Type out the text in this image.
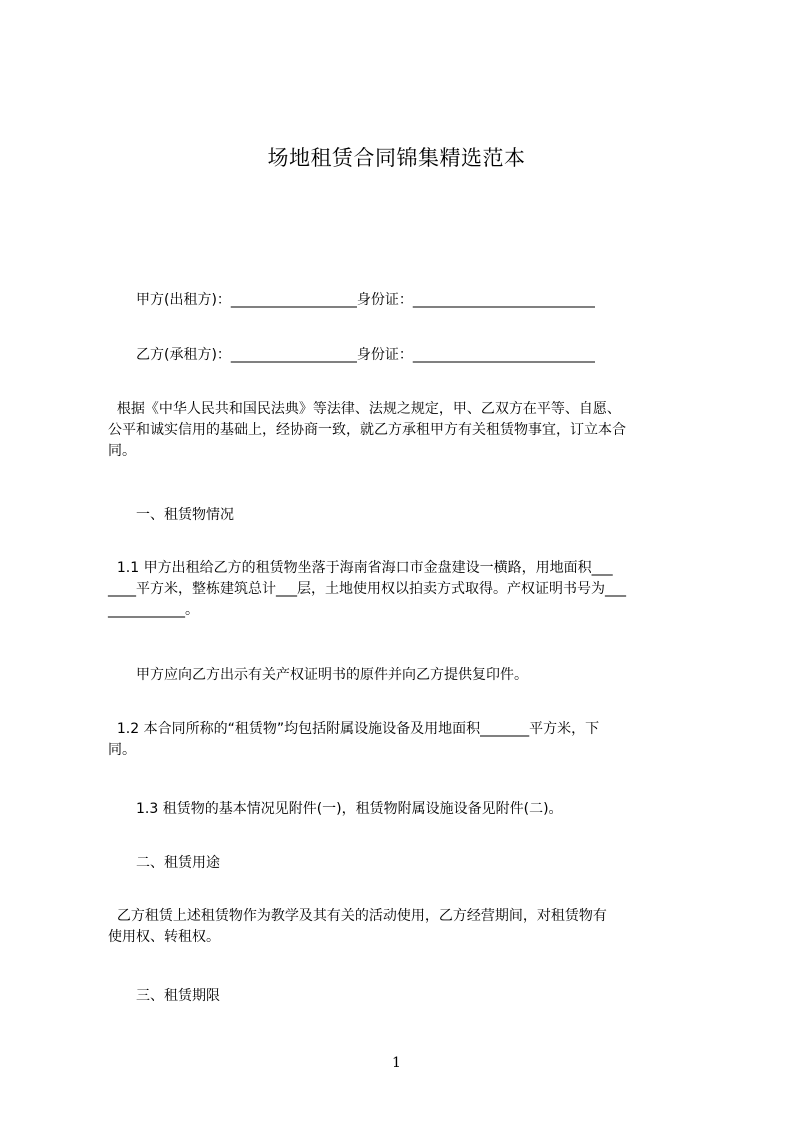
场地租赁合同锦集精选范本
甲方(出租方)：__________________身份证：__________________________
乙方(承租方)：__________________身份证：__________________________
根据《中华人民共和国民法典》等法律、法规之规定，甲、乙双方在平等、自愿、
公平和诚实信用的基础上，经协商一致，就乙方承租甲方有关租赁物事宜，订立本合
同。
一、租赁物情况
1.1 甲方出租给乙方的租赁物坐落于海南省海口市金盘建设一横路，用地面积___
____平方米，整栋建筑总计___层，土地使用权以拍卖方式取得。产权证明书号为___
___________。
甲方应向乙方出示有关产权证明书的原件并向乙方提供复印件。
1.2 本合同所称的“租赁物”均包括附属设施设备及用地面积_______平方米，下
同。
1.3 租赁物的基本情况见附件(一)，租赁物附属设施设备见附件(二)。
二、租赁用途
乙方租赁上述租赁物作为教学及其有关的活动使用，乙方经营期间，对租赁物有
使用权、转租权。
三、租赁期限
1
